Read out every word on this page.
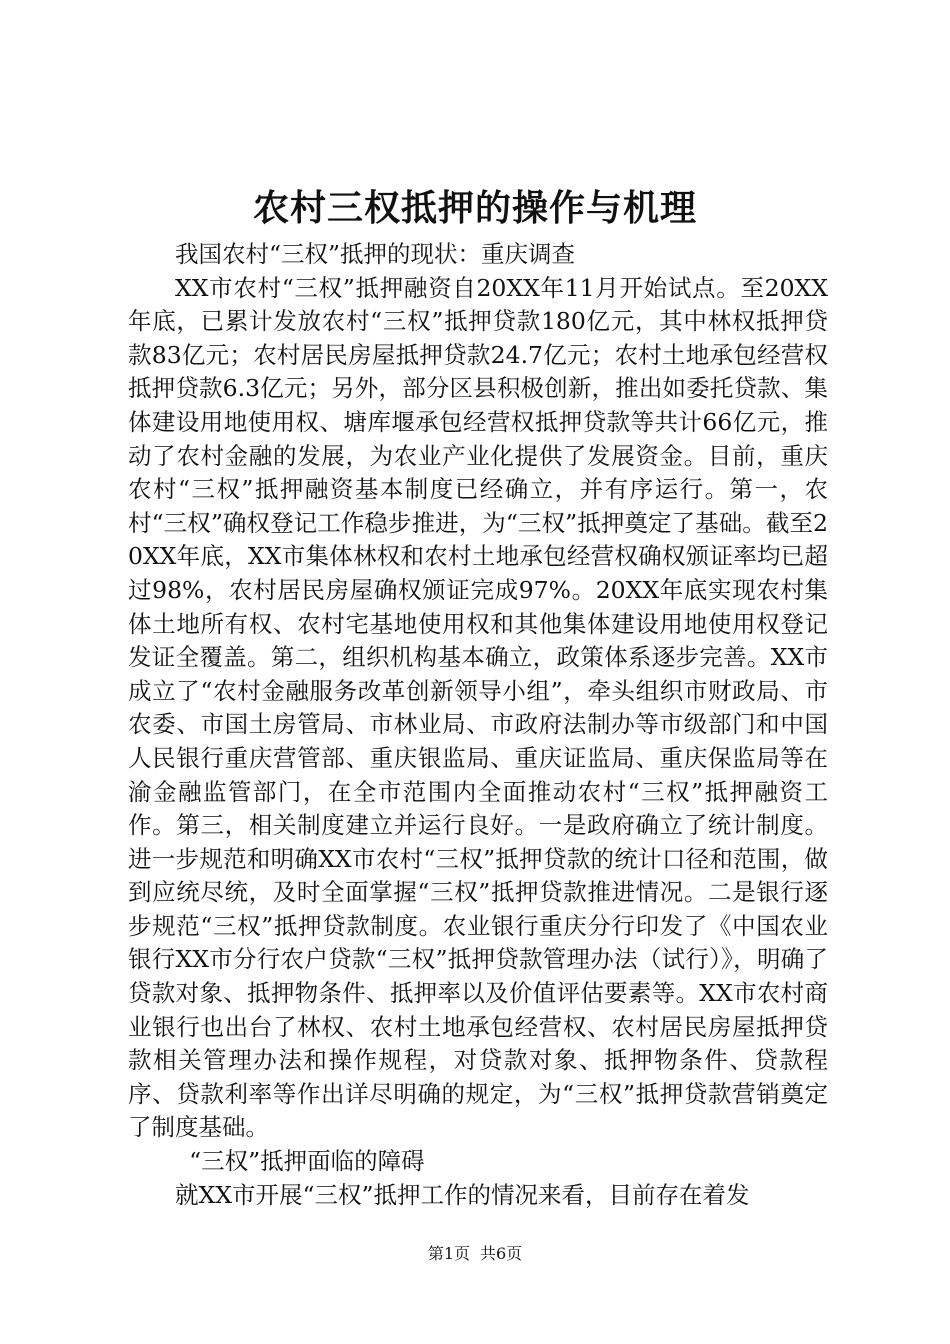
农村三权抵押的操作与机理

我国农村“三权”抵押的现状：重庆调查

XX市农村“三权”抵押融资自20XX年11月开始试点。至20XX年底，已累计发放农村“三权”抵押贷款180亿元，其中林权抵押贷款83亿元；农村居民房屋抵押贷款24.7亿元；农村土地承包经营权抵押贷款6.3亿元；另外，部分区县积极创新，推出如委托贷款、集体建设用地使用权、塘库堰承包经营权抵押贷款等共计66亿元，推动了农村金融的发展，为农业产业化提供了发展资金。目前，重庆农村“三权”抵押融资基本制度已经确立，并有序运行。第一，农村“三权”确权登记工作稳步推进，为“三权”抵押奠定了基础。截至20XX年底，XX市集体林权和农村土地承包经营权确权颁证率均已超过98%，农村居民房屋确权颁证完成97%。20XX年底实现农村集体土地所有权、农村宅基地使用权和其他集体建设用地使用权登记发证全覆盖。第二，组织机构基本确立，政策体系逐步完善。XX市成立了“农村金融服务改革创新领导小组”，牵头组织市财政局、市农委、市国土房管局、市林业局、市政府法制办等市级部门和中国人民银行重庆营管部、重庆银监局、重庆证监局、重庆保监局等在渝金融监管部门，在全市范围内全面推动农村“三权”抵押融资工作。第三，相关制度建立并运行良好。一是政府确立了统计制度。进一步规范和明确XX市农村“三权”抵押贷款的统计口径和范围，做到应统尽统，及时全面掌握“三权”抵押贷款推进情况。二是银行逐步规范“三权”抵押贷款制度。农业银行重庆分行印发了《中国农业银行XX市分行农户贷款“三权”抵押贷款管理办法（试行）》，明确了贷款对象、抵押物条件、抵押率以及价值评估要素等。XX市农村商业银行也出台了林权、农村土地承包经营权、农村居民房屋抵押贷款相关管理办法和操作规程，对贷款对象、抵押物条件、贷款程序、贷款利率等作出详尽明确的规定，为“三权”抵押贷款营销奠定了制度基础。

“三权”抵押面临的障碍

就XX市开展“三权”抵押工作的情况来看，目前存在着发

第1页 共6页
